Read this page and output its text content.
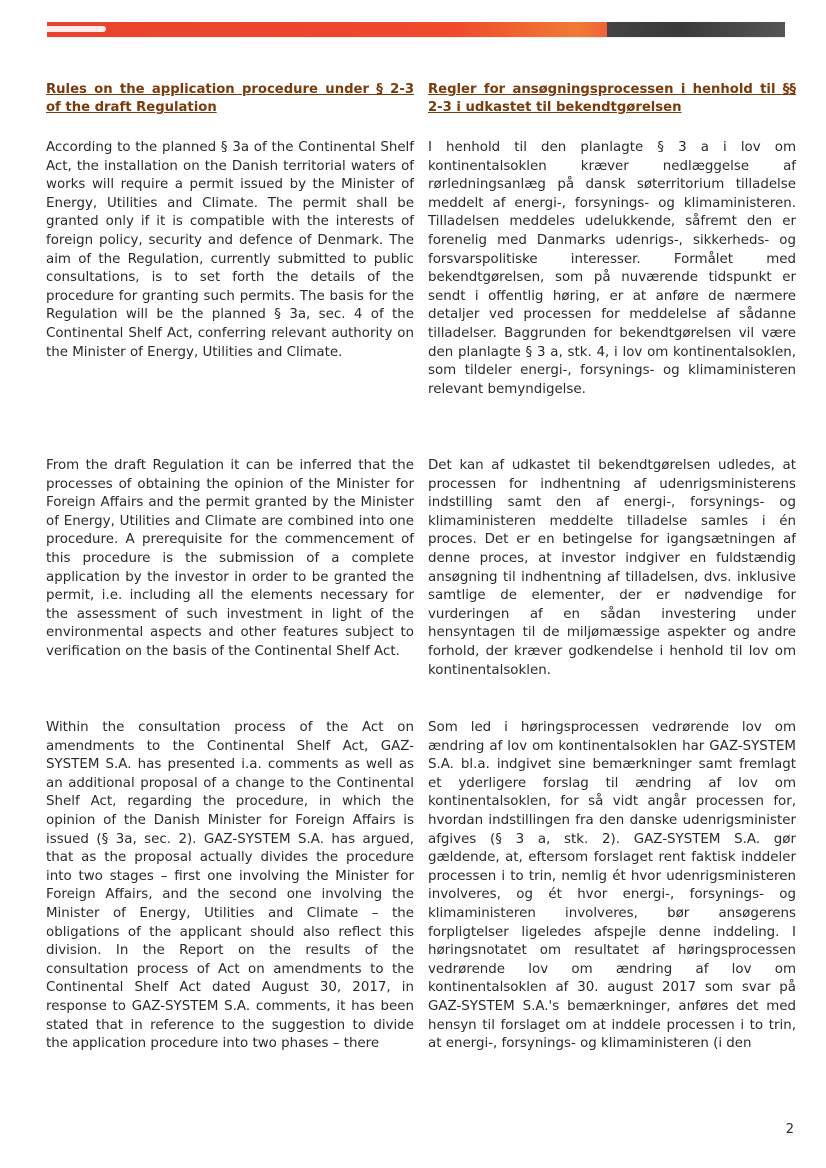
Rules on the application procedure under § 2-3 of the draft Regulation

According to the planned § 3a of the Continental Shelf Act, the installation on the Danish territorial waters of works will require a permit issued by the Minister of Energy, Utilities and Climate. The permit shall be granted only if it is compatible with the interests of foreign policy, security and defence of Denmark. The aim of the Regulation, currently submitted to public consultations, is to set forth the details of the procedure for granting such permits. The basis for the Regulation will be the planned § 3a, sec. 4 of the Continental Shelf Act, conferring relevant authority on the Minister of Energy, Utilities and Climate.

From the draft Regulation it can be inferred that the processes of obtaining the opinion of the Minister for Foreign Affairs and the permit granted by the Minister of Energy, Utilities and Climate are combined into one procedure. A prerequisite for the commencement of this procedure is the submission of a complete application by the investor in order to be granted the permit, i.e. including all the elements necessary for the assessment of such investment in light of the environmental aspects and other features subject to verification on the basis of the Continental Shelf Act.

Within the consultation process of the Act on amendments to the Continental Shelf Act, GAZ-SYSTEM S.A. has presented i.a. comments as well as an additional proposal of a change to the Continental Shelf Act, regarding the procedure, in which the opinion of the Danish Minister for Foreign Affairs is issued (§ 3a, sec. 2). GAZ-SYSTEM S.A. has argued, that as the proposal actually divides the procedure into two stages – first one involving the Minister for Foreign Affairs, and the second one involving the Minister of Energy, Utilities and Climate – the obligations of the applicant should also reflect this division. In the Report on the results of the consultation process of Act on amendments to the Continental Shelf Act dated August 30, 2017, in response to GAZ-SYSTEM S.A. comments, it has been stated that in reference to the suggestion to divide the application procedure into two phases – there

Regler for ansøgningsprocessen i henhold til §§ 2-3 i udkastet til bekendtgørelsen

I henhold til den planlagte § 3 a i lov om kontinentalsoklen kræver nedlæggelse af rørledningsanlæg på dansk søterritorium tilladelse meddelt af energi-, forsynings- og klimaministeren. Tilladelsen meddeles udelukkende, såfremt den er forenelig med Danmarks udenrigs-, sikkerheds- og forsvarspolitiske interesser. Formålet med bekendtgørelsen, som på nuværende tidspunkt er sendt i offentlig høring, er at anføre de nærmere detaljer ved processen for meddelelse af sådanne tilladelser. Baggrunden for bekendtgørelsen vil være den planlagte § 3 a, stk. 4, i lov om kontinentalsoklen, som tildeler energi-, forsynings- og klimaministeren relevant bemyndigelse.

Det kan af udkastet til bekendtgørelsen udledes, at processen for indhentning af udenrigsministerens indstilling samt den af energi-, forsynings- og klimaministeren meddelte tilladelse samles i én proces. Det er en betingelse for igangsætningen af denne proces, at investor indgiver en fuldstændig ansøgning til indhentning af tilladelsen, dvs. inklusive samtlige de elementer, der er nødvendige for vurderingen af en sådan investering under hensyntagen til de miljømæssige aspekter og andre forhold, der kræver godkendelse i henhold til lov om kontinentalsoklen.

Som led i høringsprocessen vedrørende lov om ændring af lov om kontinentalsoklen har GAZ-SYSTEM S.A. bl.a. indgivet sine bemærkninger samt fremlagt et yderligere forslag til ændring af lov om kontinentalsoklen, for så vidt angår processen for, hvordan indstillingen fra den danske udenrigsminister afgives (§ 3 a, stk. 2). GAZ-SYSTEM S.A. gør gældende, at, eftersom forslaget rent faktisk inddeler processen i to trin, nemlig ét hvor udenrigsministeren involveres, og ét hvor energi-, forsynings- og klimaministeren involveres, bør ansøgerens forpligtelser ligeledes afspejle denne inddeling. I høringsnotatet om resultatet af høringsprocessen vedrørende lov om ændring af lov om kontinentalsoklen af 30. august 2017 som svar på GAZ-SYSTEM S.A.'s bemærkninger, anføres det med hensyn til forslaget om at inddele processen i to trin, at energi-, forsynings- og klimaministeren (i den

2
